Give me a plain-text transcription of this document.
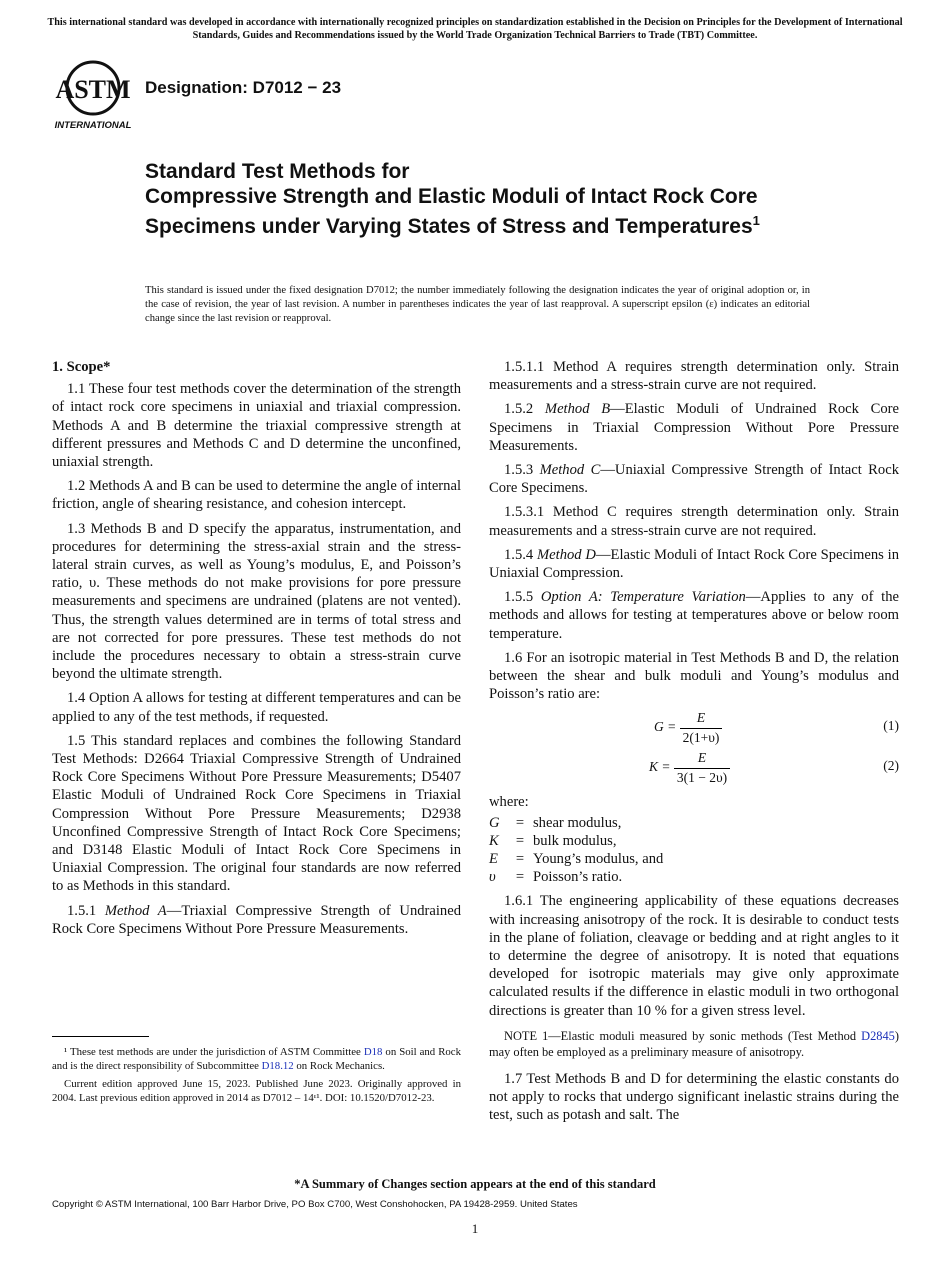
This international standard was developed in accordance with internationally recognized principles on standardization established in the Decision on Principles for the Development of International Standards, Guides and Recommendations issued by the World Trade Organization Technical Barriers to Trade (TBT) Committee.
ASTM
INTERNATIONAL
Designation: D7012 − 23
Standard Test Methods for
Compressive Strength and Elastic Moduli of Intact Rock Core Specimens under Varying States of Stress and Temperatures$^1$
This standard is issued under the fixed designation D7012; the number immediately following the designation indicates the year of original adoption or, in the case of revision, the year of last revision. A number in parentheses indicates the year of last reapproval. A superscript epsilon (ε) indicates an editorial change since the last revision or reapproval.
1. Scope*

1.1 These four test methods cover the determination of the strength of intact rock core specimens in uniaxial and triaxial compression. Methods A and B determine the triaxial compressive strength at different pressures and Methods C and D determine the unconfined, uniaxial strength.

1.2 Methods A and B can be used to determine the angle of internal friction, angle of shearing resistance, and cohesion intercept.

1.3 Methods B and D specify the apparatus, instrumentation, and procedures for determining the stress-axial strain and the stress-lateral strain curves, as well as Young’s modulus, E, and Poisson’s ratio, υ. These methods do not make provisions for pore pressure measurements and specimens are undrained (platens are not vented). Thus, the strength values determined are in terms of total stress and are not corrected for pore pressures. These test methods do not include the procedures necessary to obtain a stress-strain curve beyond the ultimate strength.

1.4 Option A allows for testing at different temperatures and can be applied to any of the test methods, if requested.

1.5 This standard replaces and combines the following Standard Test Methods: D2664 Triaxial Compressive Strength of Undrained Rock Core Specimens Without Pore Pressure Measurements; D5407 Elastic Moduli of Undrained Rock Core Specimens in Triaxial Compression Without Pore Pressure Measurements; D2938 Unconfined Compressive Strength of Intact Rock Core Specimens; and D3148 Elastic Moduli of Intact Rock Core Specimens in Uniaxial Compression. The original four standards are now referred to as Methods in this standard.

1.5.1 Method A—Triaxial Compressive Strength of Undrained Rock Core Specimens Without Pore Pressure Measurements.

¹ These test methods are under the jurisdiction of ASTM Committee D18 on Soil and Rock and is the direct responsibility of Subcommittee D18.12 on Rock Mechanics.

Current edition approved June 15, 2023. Published June 2023. Originally approved in 2004. Last previous edition approved in 2014 as D7012 – 14ᵋ¹. DOI: 10.1520/D7012-23.

1.5.1.1 Method A requires strength determination only. Strain measurements and a stress-strain curve are not required.

1.5.2 Method B—Elastic Moduli of Undrained Rock Core Specimens in Triaxial Compression Without Pore Pressure Measurements.

1.5.3 Method C—Uniaxial Compressive Strength of Intact Rock Core Specimens.

1.5.3.1 Method C requires strength determination only. Strain measurements and a stress-strain curve are not required.

1.5.4 Method D—Elastic Moduli of Intact Rock Core Specimens in Uniaxial Compression.

1.5.5 Option A: Temperature Variation—Applies to any of the methods and allows for testing at temperatures above or below room temperature.

1.6 For an isotropic material in Test Methods B and D, the relation between the shear and bulk moduli and Young’s modulus and Poisson’s ratio are:

$G = \frac{E}{2(1+\upsilon)}$	(1)
$K = \frac{E}{3(1 - 2\upsilon)}$	(2)

where:

G	= shear modulus,
K	= bulk modulus,
E	= Young’s modulus, and
υ	= Poisson’s ratio.

1.6.1 The engineering applicability of these equations decreases with increasing anisotropy of the rock. It is desirable to conduct tests in the plane of foliation, cleavage or bedding and at right angles to it to determine the degree of anisotropy. It is noted that equations developed for isotropic materials may give only approximate calculated results if the difference in elastic moduli in two orthogonal directions is greater than 10 % for a given stress level.

NOTE 1—Elastic moduli measured by sonic methods (Test Method D2845) may often be employed as a preliminary measure of anisotropy.

1.7 Test Methods B and D for determining the elastic constants do not apply to rocks that undergo significant inelastic strains during the test, such as potash and salt. The

*A Summary of Changes section appears at the end of this standard
Copyright © ASTM International, 100 Barr Harbor Drive, PO Box C700, West Conshohocken, PA 19428-2959. United States
1
